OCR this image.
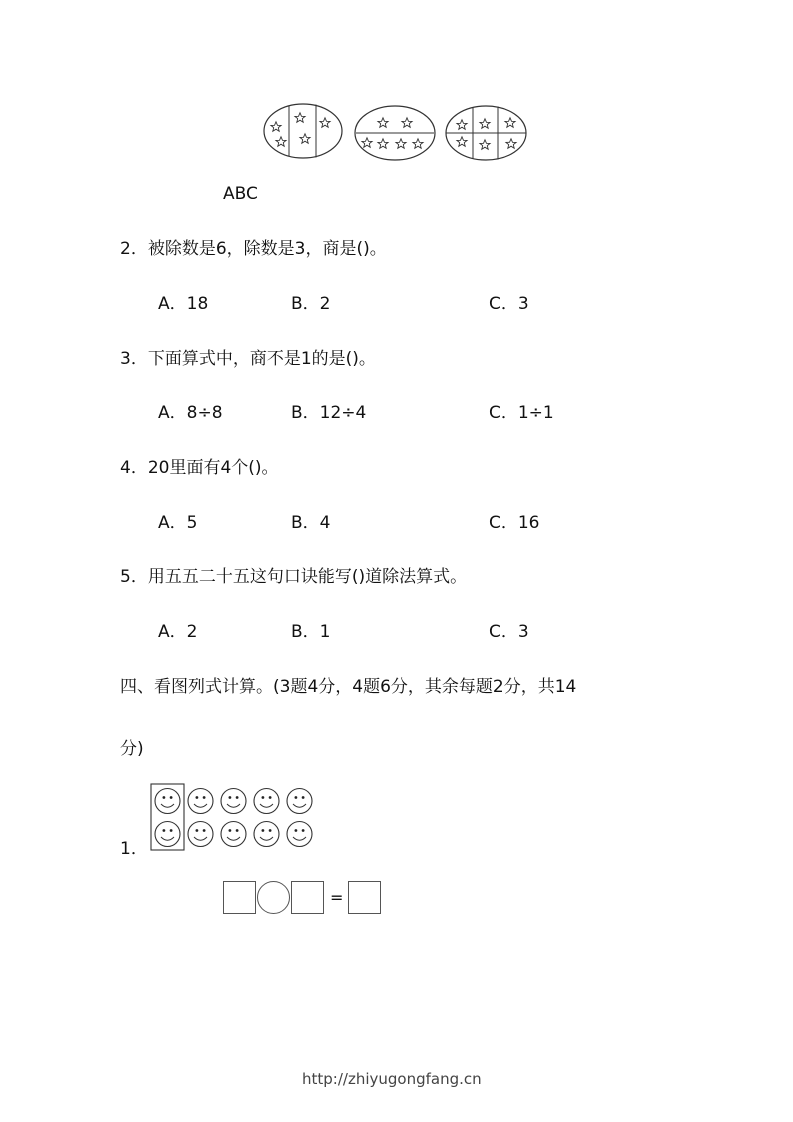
ABC
2．被除数是6，除数是3，商是()。
A．18	B．2	C．3
3．下面算式中，商不是1的是()。
A．8÷8	B．12÷4	C．1÷1
4．20里面有4个()。
A．5	B．4	C．16
5．用五五二十五这句口诀能写()道除法算式。
A．2	B．1	C．3
四、看图列式计算。(3题4分，4题6分，其余每题2分，共14
分)
1．
=
http://zhiyugongfang.cn
